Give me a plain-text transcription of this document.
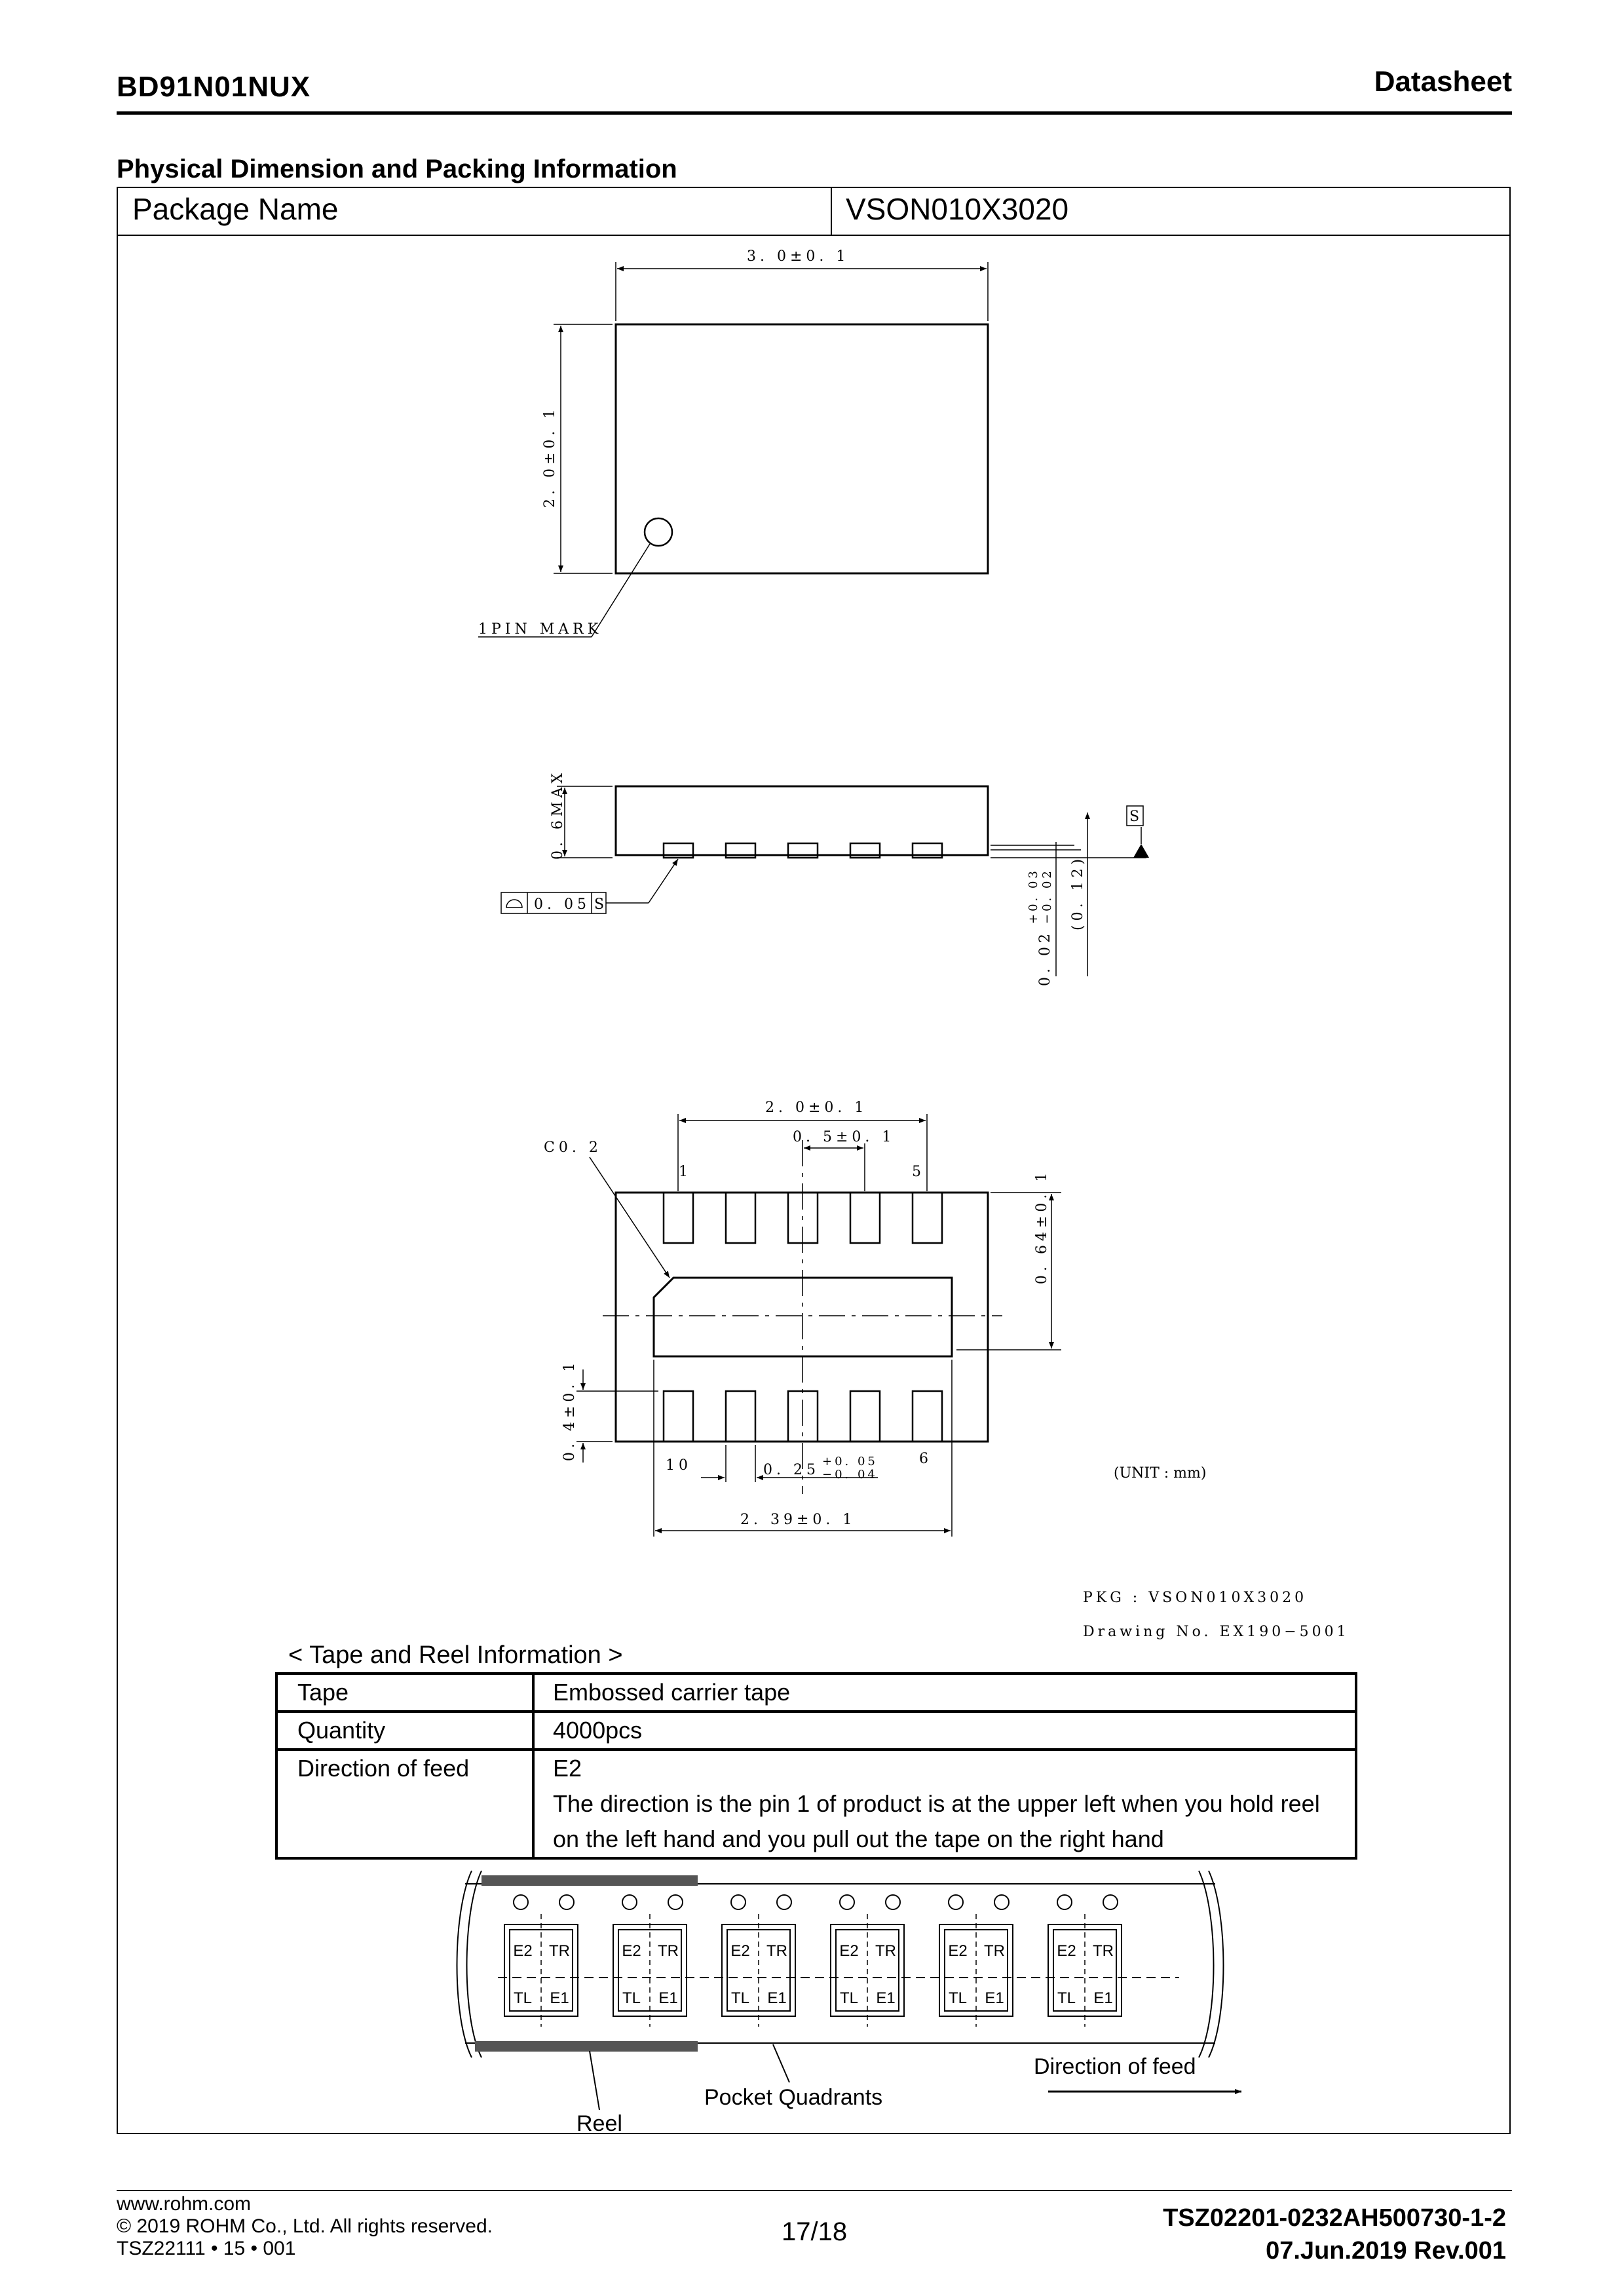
BD91N01NUX	Datasheet
Physical Dimension and Packing Information
Package Name	VSON010X3020
3. 0±0. 1
2. 0±0. 1
1PIN MARK
0. 6MAX	S
+0. 03 −0. 02
0. 02
(0. 12)
0. 05 S
2. 0±0. 1
0. 5±0. 1
C0. 2
1	5
10	6
0. 64±0. 1
0. 4±0. 1
0. 25
+0. 05
−0. 04
2. 39±0. 1
(UNIT : mm)
PKG : VSON010X3020
Drawing No. EX190−5001
< Tape and Reel Information >
Tape	Embossed carrier tape
Quantity	4000pcs
Direction of feed	E2
The direction is the pin 1 of product is at the upper left when you hold reel on the left hand and you pull out the tape on the right hand
E2 TR
TL E1
E2 TR
TL E1
E2 TR
TL E1
E2 TR
TL E1
E2 TR
TL E1
E2 TR
TL E1
Direction of feed
Pocket Quadrants
Reel
www.rohm.com
© 2019 ROHM Co., Ltd. All rights reserved.
TSZ22111 • 15 • 001
17/18	TSZ02201-0232AH500730-1-2
07.Jun.2019 Rev.001
